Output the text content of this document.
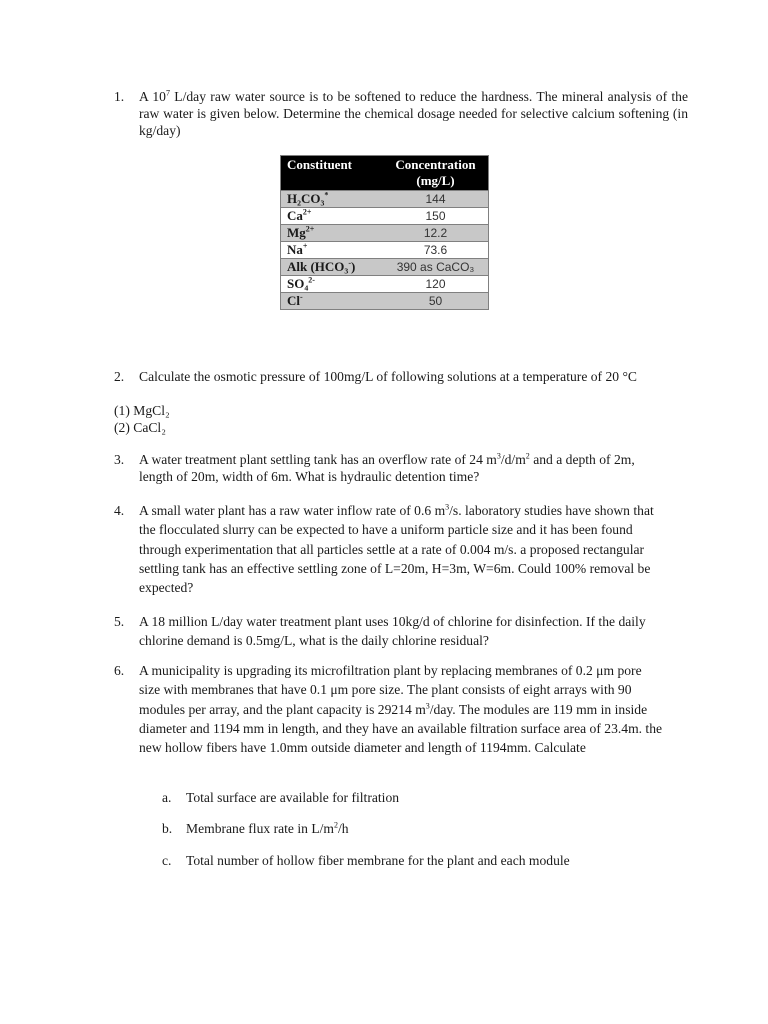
1.	A $10^7$ L/day raw water source is to be softened to reduce the hardness. The mineral analysis of the raw water is given below. Determine the chemical dosage needed for selective calcium softening (in kg/day)
Constituent	Concentration (mg/L)
H₂CO₃*	144
$Ca^{2+}$	150
$Mg^{2+}$	12.2
Na+	73.6
Alk (HCO₃-)	390 as CaCO₃
SO₄$^{2-}$	120
Cl-	50
2.	Calculate the osmotic pressure of 100mg/L of following solutions at a temperature of 20 °C
(1) MgCl₂
(2) CaCl₂
3.	A water treatment plant settling tank has an overflow rate of 24 $m^3/d/m^2$ and a depth of 2m, length of 20m, width of 6m. What is hydraulic detention time?
4.	A small water plant has a raw water inflow rate of 0.6 $m^3/s$. laboratory studies have shown that the flocculated slurry can be expected to have a uniform particle size and it has been found through experimentation that all particles settle at a rate of 0.004 m/s. a proposed rectangular settling tank has an effective settling zone of L=20m, H=3m, W=6m. Could 100% removal be expected?
5.	A 18 million L/day water treatment plant uses 10kg/d of chlorine for disinfection. If the daily chlorine demand is 0.5mg/L, what is the daily chlorine residual?
6.	A municipality is upgrading its microfiltration plant by replacing membranes of 0.2 μm pore size with membranes that have 0.1 μm pore size. The plant consists of eight arrays with 90 modules per array, and the plant capacity is 29214 $m^3$/day. The modules are 119 mm in inside diameter and 1194 mm in length, and they have an available filtration surface area of 23.4m. the new hollow fibers have 1.0mm outside diameter and length of 1194mm. Calculate
a. Total surface are available for filtration
b. Membrane flux rate in $L/m^2/h$
c. Total number of hollow fiber membrane for the plant and each module
